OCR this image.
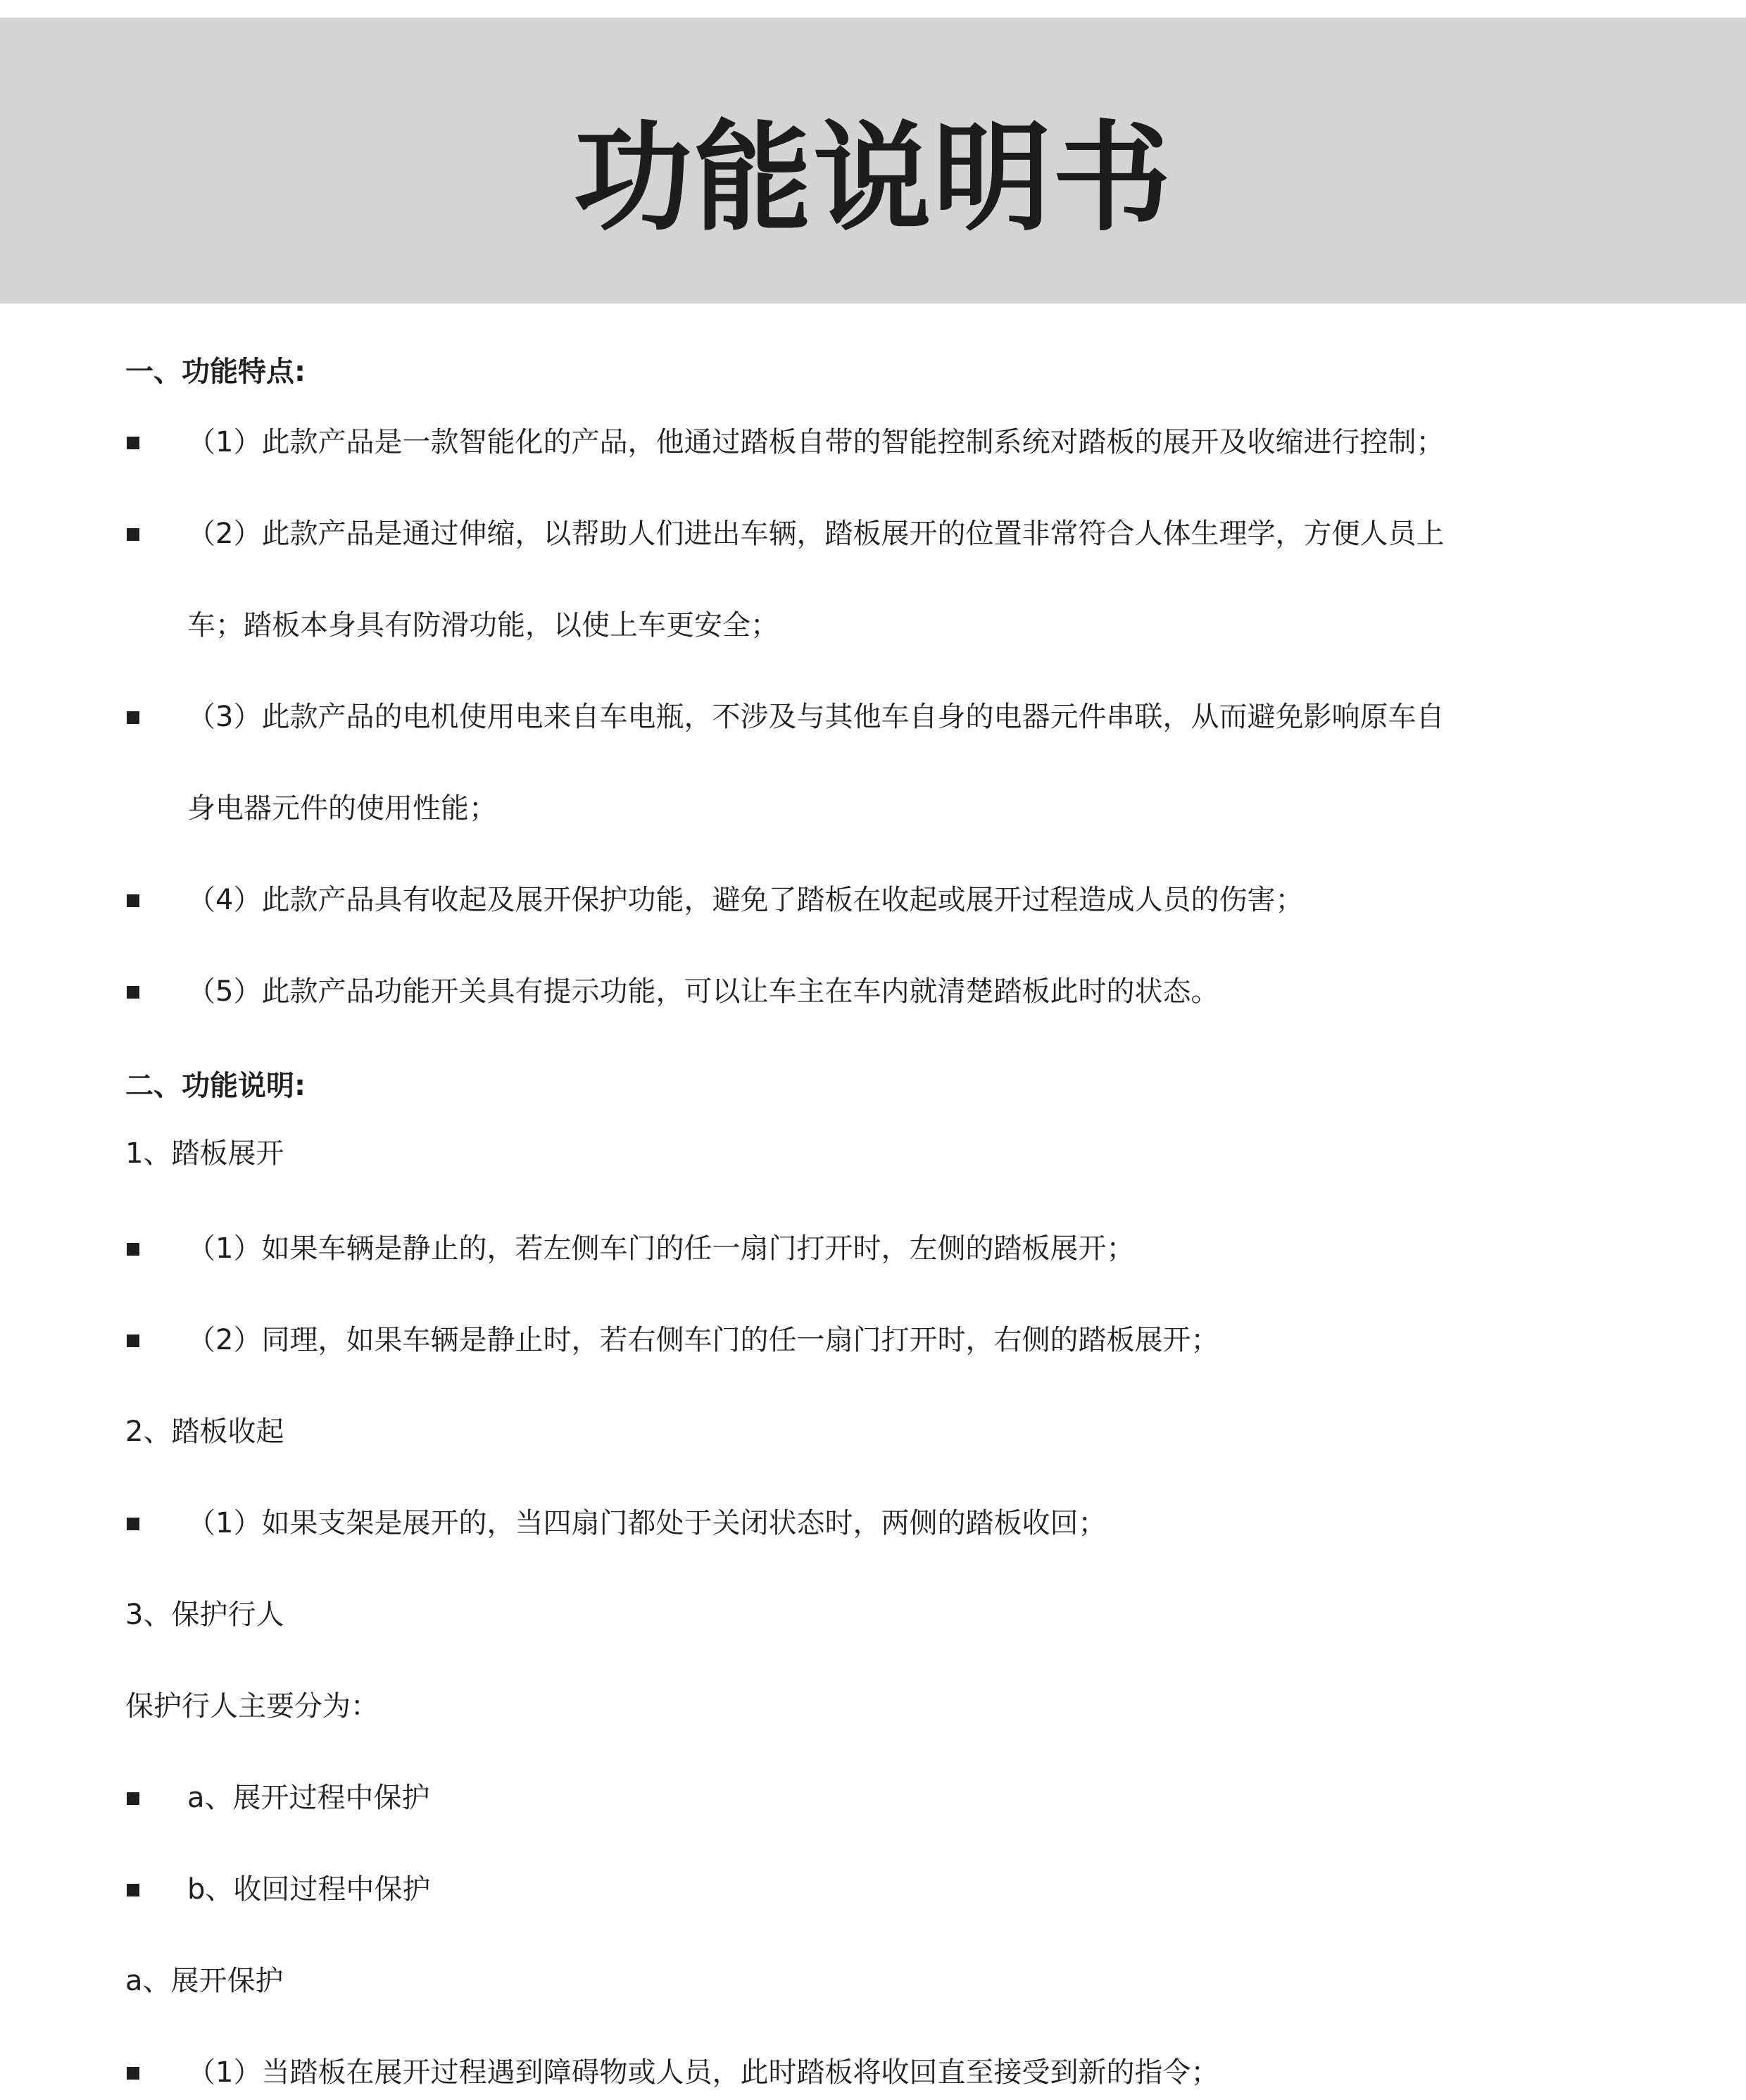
功能说明书
一、功能特点:
（1）此款产品是一款智能化的产品，他通过踏板自带的智能控制系统对踏板的展开及收缩进行控制；
（2）此款产品是通过伸缩，以帮助人们进出车辆，踏板展开的位置非常符合人体生理学，方便人员上
车；踏板本身具有防滑功能，以使上车更安全；
（3）此款产品的电机使用电来自车电瓶，不涉及与其他车自身的电器元件串联，从而避免影响原车自
身电器元件的使用性能；
（4）此款产品具有收起及展开保护功能，避免了踏板在收起或展开过程造成人员的伤害；
（5）此款产品功能开关具有提示功能，可以让车主在车内就清楚踏板此时的状态。
二、功能说明:
1、踏板展开
（1）如果车辆是静止的，若左侧车门的任一扇门打开时，左侧的踏板展开；
（2）同理，如果车辆是静止时，若右侧车门的任一扇门打开时，右侧的踏板展开；
2、踏板收起
（1）如果支架是展开的，当四扇门都处于关闭状态时，两侧的踏板收回；
3、保护行人
保护行人主要分为：
a、展开过程中保护
b、收回过程中保护
a、展开保护
（1）当踏板在展开过程遇到障碍物或人员，此时踏板将收回直至接受到新的指令；
